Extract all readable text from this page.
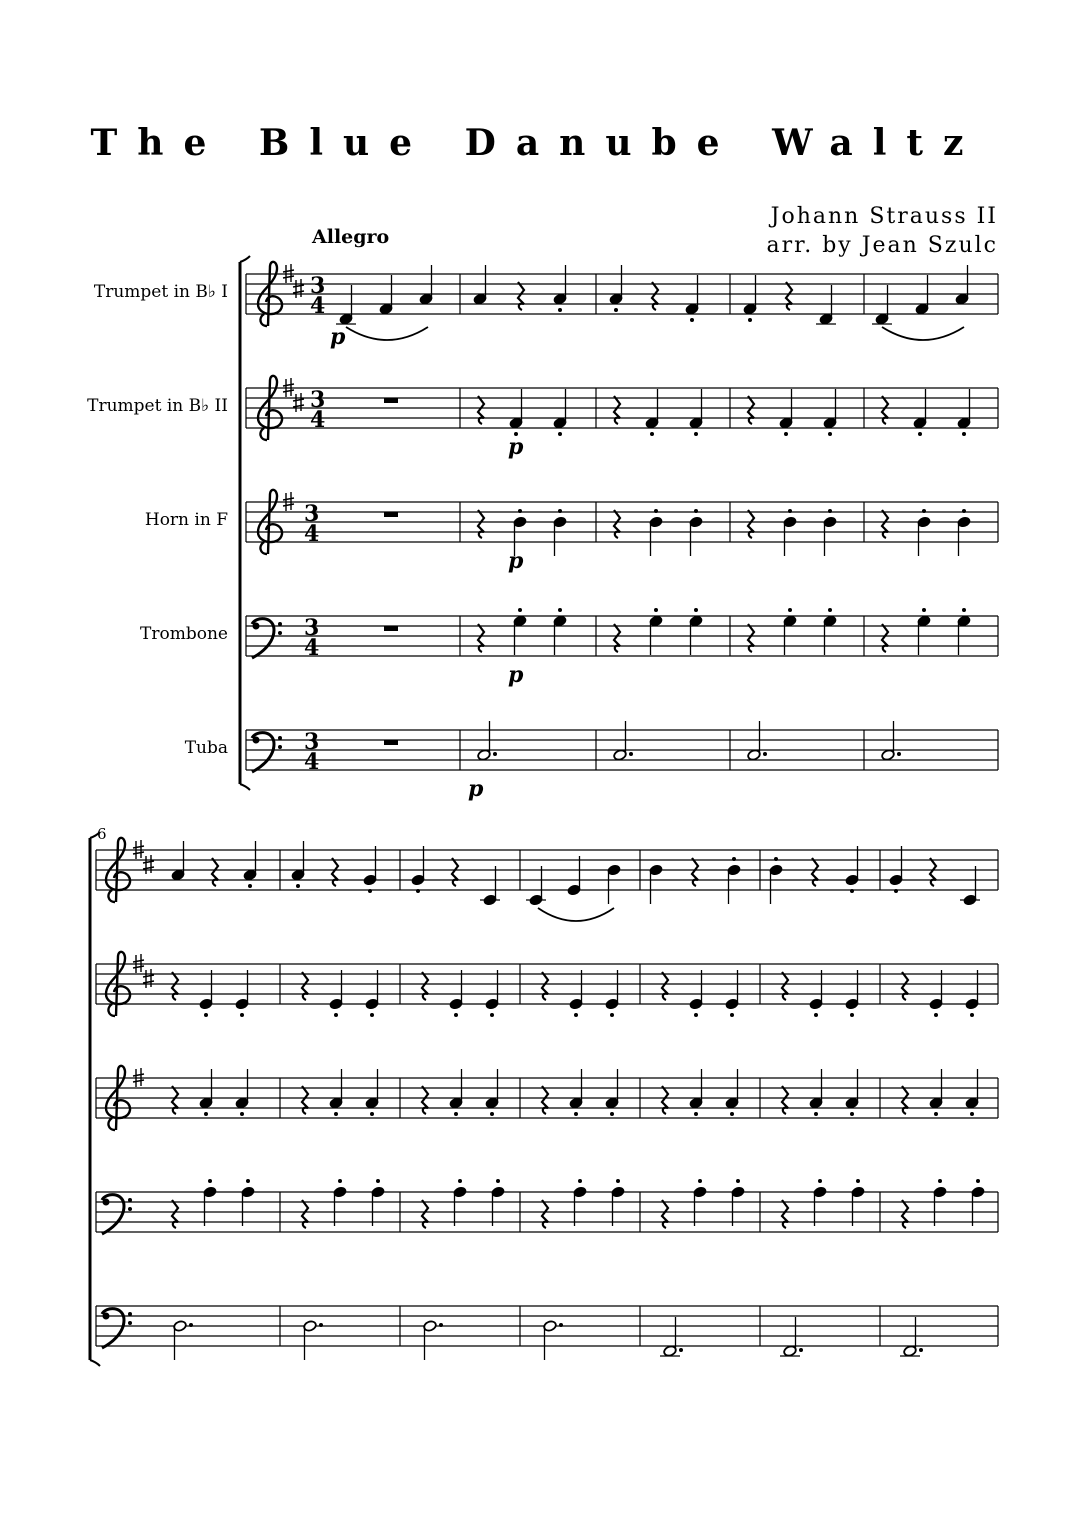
The Blue Danube Waltz
Johann Strauss II
arr. by Jean Szulc
Allegro
Trumpet in B♭ I
Trumpet in B♭ II
Horn in F
Trombone
Tuba
6
3
4
3
4
3
4
3
4
3
4
p
p
p
p
p
